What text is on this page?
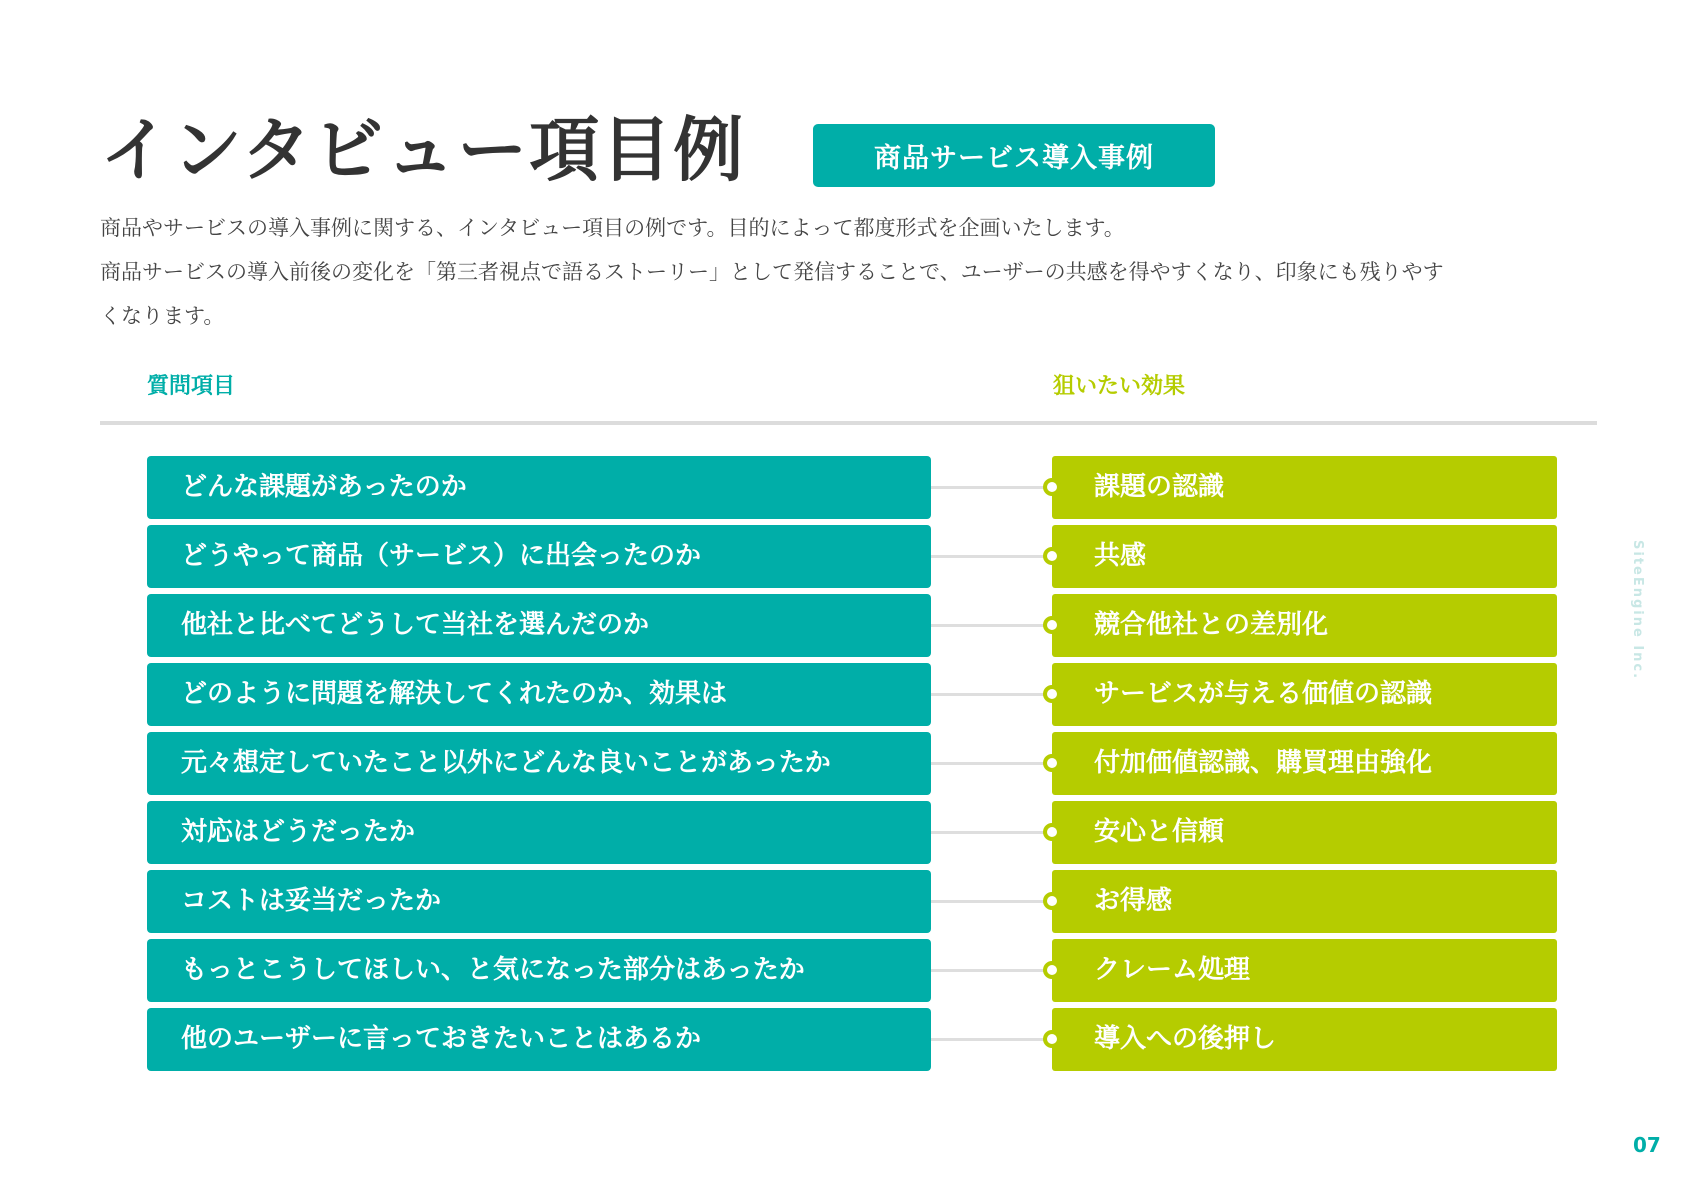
インタビュー項目例	商品サービス導入事例

商品やサービスの導入事例に関する、インタビュー項目の例です。目的によって都度形式を企画いたします。

商品サービスの導入前後の変化を「第三者視点で語るストーリー」として発信することで、ユーザーの共感を得やすくなり、印象にも残りやす

くなります。

質問項目	狙いたい効果
どんな課題があったのか	課題の認識
どうやって商品（サービス）に出会ったのか	共感
他社と比べてどうして当社を選んだのか	競合他社との差別化
どのように問題を解決してくれたのか、効果は	サービスが与える価値の認識
元々想定していたこと以外にどんな良いことがあったか	付加価値認識、購買理由強化
対応はどうだったか	安心と信頼
コストは妥当だったか	お得感
もっとこうしてほしい、と気になった部分はあったか	クレーム処理
他のユーザーに言っておきたいことはあるか	導入への後押し
SiteEngine Inc.
07
